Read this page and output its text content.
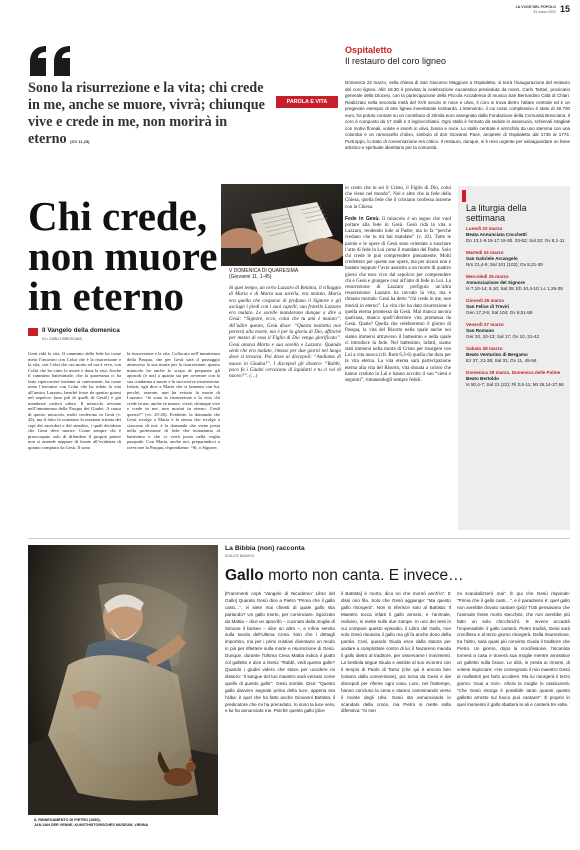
LA VOCE DEL POPOLO
31 marzo 2022 15
Sono la risurrezione e la vita; chi crede in me, anche se muore, vivrà; chiunque vive e crede in me, non morirà in eterno (GV 11,25)
PAROLA E VITA
Ospitaletto
Il restauro del coro ligneo
Domenica 22 marzo, nella chiesa di San Giacomo Maggiore a Ospitaletto, si terrà l’inaugurazione del restauro del coro ligneo. Alle 18.30 è prevista la celebrazione eucaristica presieduta da mons. Carlo Tartari, provicario generale della Diocesi, con la partecipazione della Piccola Accademia di musica San Bernardino Città di Chiari. Realizzato nella seconda metà del XVII secolo in noce e ulivo, il coro si trova dietro l’altare centrale ed è un pregevole esempio di arte lignea inventariale lombarda. L’intervento, il cui costo complessivo è stato di 40.700 euro, ha potuto contare su un contributo di 20mila euro assegnato dalla Fondazione della Comunità Bresciana. Il coro è composto da 17 stalli e 3 inginocchiatoi. Ogni stallo è formato da sedute in assenucia, schienali intagliati con motivi floreali, volute e inserti in ulivo, bosso e noce. Lo stallo centrale è arricchito da uno stemma con una colomba e un ramoscello d’ulivo, simbolo di don Giovanni Pace, arciprete di Ospitaletto dal 1736 al 1774. Purtroppo, lo stato di conservazione era critico. Il restauro, dunque, si è reso urgente per salvaguardare un bene artistico e spirituale identitario per la comunità.
Chi crede, non muore in eterno
Il Vangelo della domenica
DI • CARLO BRESCIANI
Gesù ridà la vita. Il cammino della fede ha come meta l’incontro con Colui che è la risurrezione e la vita, con Colui che ora morto ed ora è vivo, con Colui che ha vinto la morte e dona la vita. Anche il cammino battesimale, che la quaresima ci ha fatto ripercorrere insieme ai catecumeni, ha come meta l’incontro con Colui che ha ridato la vita all’amico Lazzaro, benché fosse da quattro giorni nel sepolcro (uno più di quelli di Gesù!) e già mandasse cattivo odore. Il miracolo avviene nell’imminenza della Pasqua dei Giudei. A causa di questo miracolo, molti crederono in Gesù (v. 45), ma il fatto fa scatenare la reazione irritata dei capi dei sacerdoti e del sinedrio, i quali decidono che Gesù deve morire. Come sempre chi è preoccupato solo di difendere il proprio potere non si arrende neppure di fronte all’evidenza di quanto compiuto da Gesù. Il sono
la risurrezione e la vita. Collocato nell’imminenza della Pasqua, che per Gesù sarà il passaggio attraverso la sua morte per la risurrezione, questo miracolo ha anche lo scopo di preparare gli apostoli (e noi) a quanto sta per avvenire con la sua condanna a morte e la successiva risurrezione. Infatti, egli dice a Marta che si lamenta con lui, perché, assente, non ha evitato la morte di Lazzaro: “Io sono la risurrezione e la vita; chi crede in me, anche se muore, vivrà; chiunque vive e crede in me, non morirà in eterno. Credi questo?” (vv. 25-26). Evidente, la domanda che Gesù rivolge a Marta è la stessa che rivolge a ciascuno di noi: è la domanda che viene posta nella professione di fede che avanziamo al battesimo e che ci verrà posta nella veglia pasquale. Con Marta, anche noi, preparandoci a ravvivare la Pasqua, rispondiamo: “Sì, o Signore,
V DOMENICA DI QUARESIMA
(Giovanni 11, 1-45)
In quel tempo, un certo Lazzaro di Betània, il villaggio di Maria e di Marta sua sorella, era malato. Maria era quella che cosparse di profumo il Signore e gli asciugò i piedi con i suoi capelli; suo fratello Lazzaro era malato. Le sorelle mandarono dunque a dire a Gesù: “Signore, ecco, colui che tu ami è malato”. All’udire questo, Gesù disse: “Questa malattia non porterà alla morte, ma è per la gloria di Dio, affinché per mezzo di essa il Figlio di Dio venga glorificato”. Gesù amava Marta e sua sorella e Lazzaro. Quando sentì che era malato, rimase per due giorni nel luogo dove si trovava. Poi disse ai discepoli: “Andiamo di nuovo in Giudea!”. I discepoli gli dissero: “Rabbì, poco fa i Giudei cercavano di lapidarti e tu ci vai di nuovo?”. (…)

io credo che tu sei il Cristo, il Figlio di Dio, colui che viene nel mondo”. Noi e altre che la fede della Chiesa, quella fede che il cristiano confessa insieme con la Chiesa.

Fede in Gesù. Il miracolo è un segno che vuol portare alla fede in Gesù. Gesù ridà la vita a Lazzaro, rendendo lode al Padre, ma lo fa “perché credano che tu mi hai mandato” (v. 42). Tutte le parole e le opere di Gesù sono orientate a suscitare l’atto di fede in Lui come il mandato del Padre. Solo chi crede le può comprendere pienamente. Molti credettero per queste sue opere, ma per alcuni non è bastato neppure l’aver assistito a un morto di quattro giorni che esce vivo dal sepolcro per comprendere chi è Gesù e giungere così all’atto di fede in Lui. La resurrezione di Lazzaro prefigura un’altra resurrezione: Lazzaro ha ravvato la vita, ma è rimasto mortale. Gesù ha detto “chi crede in me, non morirà in eterno”. La vita che ha dato risurrezione è quella eterna promessa da Gesù. Mai manca ancora qualcosa, manca quell’ulteriore vita promessa da Gesù. Quale? Quella che celebreremo il giorno di Pasqua, la vita del Risorto nella quale anche noi siamo immersi attraverso il battesimo e nella quale ci introduce la fede. Nel battesimo, infatti, siamo stati immersi nella morte di Cristo per risorgere con Lui a vita nuova (cfr. Rom 6,3-6) quella che dura per la vita eterna. La vita eterna sarà partecipazione eterna alla vita del Risorto, vita donata a coloro che hanno creduto in Lui e hanno accolto il suo “vieni e seguimi”, rimanendogli sempre fedeli.

La liturgia della settimana
Lunedì 23 marzo
Beata Annunciata Cocchetti
Dn 13,1-9.15-17.19-30. 33-62; Sal 22; Gv 8,1-11
Martedì 24 marzo
San Gabriele Arcangelo
Nm 21,4-9; Sal 101 (102); Gv 8,21-30
Mercoledì 25 marzo
Annunciazione del Signore
Is 7,10-14; 8,10; Sal 39; Eb 10,4-10; Lc 1,26-38
Giovedì 26 marzo
San Felice di Treviri
Gen 17,3-9; Sal 104; Gv 8,51-59
Venerdì 27 marzo
San Romano
Ger 20, 10-13; Sal 17; Gv 10, 31-42
Sabato 28 marzo
Beato Venturino di Bergamo
Ez 37, 21-28; Sal 31; Gv 11, 45-56
Domenica 29 marzo, Domenica delle Palme
Beato Bertoldo
Is 50,4-7; Sal 21 (22); Fil 2,6-11; Mt 26,14-27,66
La Bibbia (non) racconta
DI ALICE BIANCHI
Gallo morto non canta. E invece…
IL RINNEGAMENTO DI PIETRO (1650),
JAN VAN DER VENNE, KUNSTHISTORISCHES MUSEUM, VIENNA
[Frammenti copti ‘Vangelo di Nicodemo’ Libro del Gallo] Quando Gesù dice a Pietro “Prima che il gallo canti…”, vi siete mai chiesti di quale gallo stia parlando? Un gallo morto, per cominciare. Sgozzato da Mattia – dice un apocrifo – cucinato dalla moglie di Simone il fariseo – dice un altro –, e infine servito sulla tavola dell’Ultima Cena. Non che i dettagli importino, ma per i primi cristiani diventano un modo in più per riflettere sulla morte e risurrezione di Gesù. Dunque, durante l’Ultima Cena Mattia indica il piatto col galletto e dice a Gesù: “Rabbì, vedi questo gallo? Quando i giudei videro che stavo per uccidere mi dissero: ‘Il sangue del tuo maestro sarà versato come quello di questo gallo’”. Gesù sorride. Dice: “Questo gallo davvero segnale prima della luce, appena era l’alba: è quel che ha fatto anche Giovanni Battista, il predicatore che mi ha preceduto. Io sono la luce vera, e lui ha annunciato me. Poiché questo gallo [dice
il Battista] è morto, dico no che morirò anch’io”. E dissi ono fila. Solo che Gesù aggiunge: “Ma questo gallo risorgerà”. Non si riferisce solo al Battista: Il Maestro tocca infatti il gallo arrosto, e l’animale, redivivo, si mette sulle due zampe. In uno dei testi in cui compare questo episodio, il Libro del Gallo, non solo Gesù risuscita il gallo ma gli fa anche dono della parola. Così, quando Giuda esce dalla stanza per andare a complottare contro di lui, il Nazareno manda il gallo dietro al traditore, per osservarne i movimenti. La bestiola segue Giuda e assiste al suo incontro con il tempio di Paolo di Tarso (che qui è ancora ben lontano dalla conversione), poi torna da Gesù e dai discepoli per riferire ogni cosa. Loro, nel frattempo, hanno concluso la cena e stanno camminando verso il monte degli Ulivi. Gesù sta annunciando lo scandalo della croce, ma Pietro si mette sulla difensiva: “Io non
mi scandalizzerò mai”. È qui che Gesù risponde: “Prima che il gallo canti…”, e il paradosso è: quel gallo non avrebbe dovuto cantare (più)! Tutti pensavano che l’animale fosse morto stecchito, che non avrebbe più fatto un solo chicchirichì. E invece accadrà l’impensabile: il gallo canterà, Pietro tradirà, Gesù sarà crocifisso e al terzo giorno risorgerà. Della risurrezione, tra l’altro, sarà quasi più convinto Giuda il traditore che Pietro. Un giorno, dopo la crocifissione, l’Iscariota tornerà a casa e troverà sua moglie mentre arrostisce un galletto sulla brace. Le dirà, in preda ai rimorsi, di volersi impiccare: «Ho consegnato il mio maestro Gesù ai malfattori per farlo uccidere. Ma lui risorgerà il terzo giorno. Guai a noi!». Allora la moglie lo rassicurerà: “Che Gesù risorga è possibile tanto quanto questo galletto arrosto sul fuoco può cantare!”. È proprio in quel momento il gallo sbatterà le ali e canterà tre volte.
